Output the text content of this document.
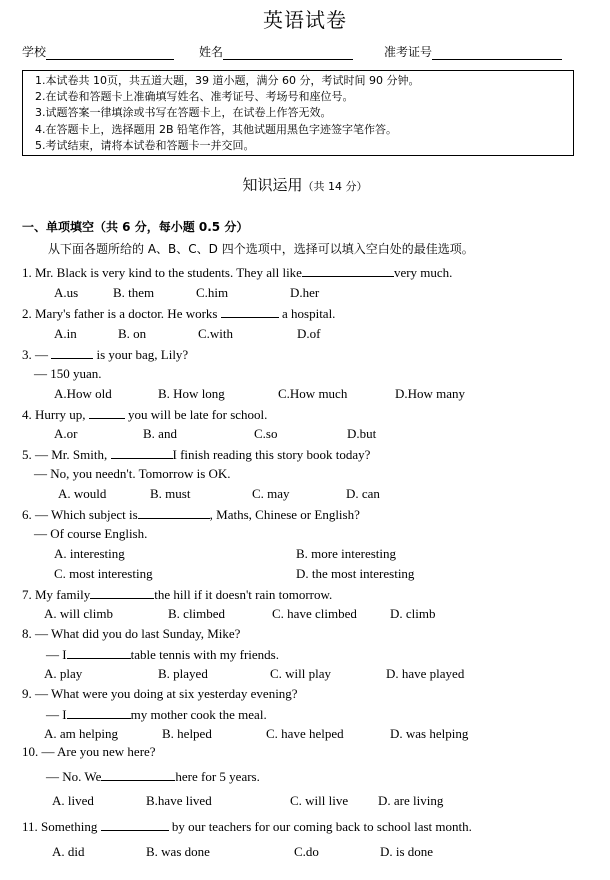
英语试卷
学校	姓名	准考证号
1.本试卷共 10页，共五道大题，39 道小题，满分 60 分，考试时间 90 分钟。
2.在试卷和答题卡上准确填写姓名、准考证号、考场号和座位号。
3.试题答案一律填涂或书写在答题卡上，在试卷上作答无效。
4.在答题卡上，选择题用 2B 铅笔作答，其他试题用黑色字迹签字笔作答。
5.考试结束，请将本试卷和答题卡一并交回。
知识运用（共 14 分）
一、单项填空（共 6 分，每小题 0.5 分）
从下面各题所给的 A、B、C、D 四个选项中，选择可以填入空白处的最佳选项。
1. Mr. Black is very kind to the students. They all like	very much.
A.us	B. them	C.him	D.her
2. Mary's father is a doctor. He works	a hospital.
A.in	B. on	C.with	D.of
3. —	is your bag, Lily?
— 150 yuan.
A.How old	B. How long	C.How much	D.How many
4. Hurry up,	you will be late for school.
A.or	B. and	C.so	D.but
5. — Mr. Smith,	I finish reading this story book today?
— No, you needn't. Tomorrow is OK.
A. would	B. must	C. may	D. can
6. — Which subject is	, Maths, Chinese or English?
— Of course English.
A. interesting	B. more interesting
C. most interesting	D. the most interesting
7. My family	the hill if it doesn't rain tomorrow.
A. will climb	B. climbed	C. have climbed	D. climb
8. — What did you do last Sunday, Mike?
— I	table tennis with my friends.
A. play	B. played	C. will play	D. have played
9. — What were you doing at six yesterday evening?
— I	my mother cook the meal.
A. am helping	B. helped	C. have helped	D. was helping
10. — Are you new here?
— No. We	here for 5 years.
A. lived	B.have lived	C. will live D. are living
11. Something	by our teachers for our coming back to school last month.
A. did	B. was done	C.do	D. is done
